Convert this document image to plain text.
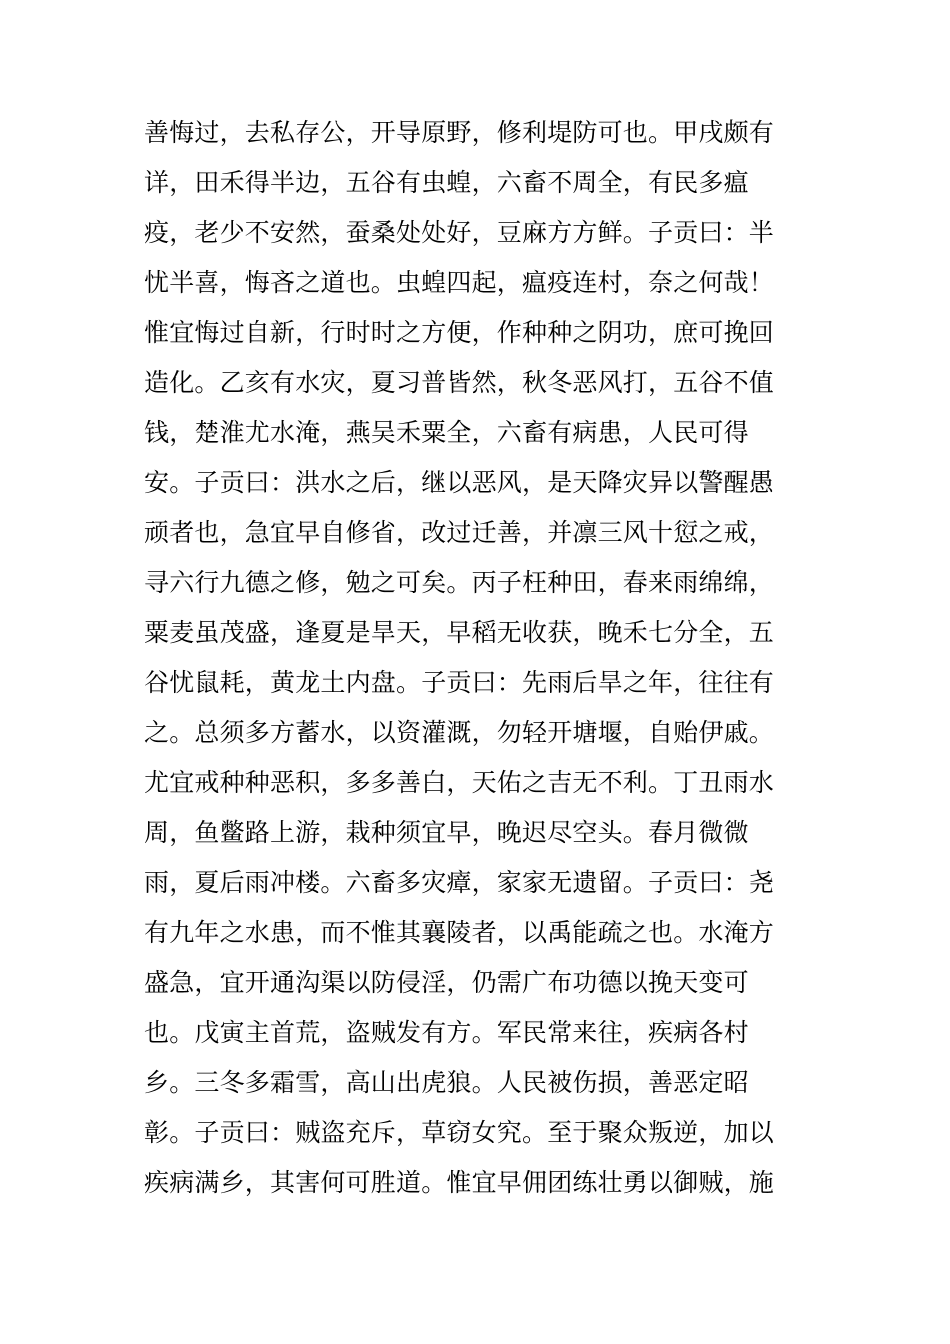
善悔过，去私存公，开导原野，修利堤防可也。甲戌颇有
详，田禾得半边，五谷有虫蝗，六畜不周全，有民多瘟
疫，老少不安然，蚕桑处处好，豆麻方方鲜。子贡曰：半
忧半喜，悔吝之道也。虫蝗四起，瘟疫连村，奈之何哉！
惟宜悔过自新，行时时之方便，作种种之阴功，庶可挽回
造化。乙亥有水灾，夏习普皆然，秋冬恶风打，五谷不值
钱，楚淮尤水淹，燕吴禾粟全，六畜有病患，人民可得
安。子贡曰：洪水之后，继以恶风，是天降灾异以警醒愚
顽者也，急宜早自修省，改过迁善，并凛三风十愆之戒，
寻六行九德之修，勉之可矣。丙子枉种田，春来雨绵绵，
粟麦虽茂盛，逢夏是旱天，早稻无收获，晚禾七分全，五
谷忧鼠耗，黄龙土内盘。子贡曰：先雨后旱之年，往往有
之。总须多方蓄水，以资灌溉，勿轻开塘堰，自贻伊戚。
尤宜戒种种恶积，多多善白，天佑之吉无不利。丁丑雨水
周，鱼鳖路上游，栽种须宜早，晚迟尽空头。春月微微
雨，夏后雨冲楼。六畜多灾瘴，家家无遗留。子贡曰：尧
有九年之水患，而不惟其襄陵者，以禹能疏之也。水淹方
盛急，宜开通沟渠以防侵淫，仍需广布功德以挽天变可
也。戊寅主首荒，盗贼发有方。军民常来往，疾病各村
乡。三冬多霜雪，高山出虎狼。人民被伤损，善恶定昭
彰。子贡曰：贼盗充斥，草窃女究。至于聚众叛逆，加以
疾病满乡，其害何可胜道。惟宜早佣团练壮勇以御贼，施
